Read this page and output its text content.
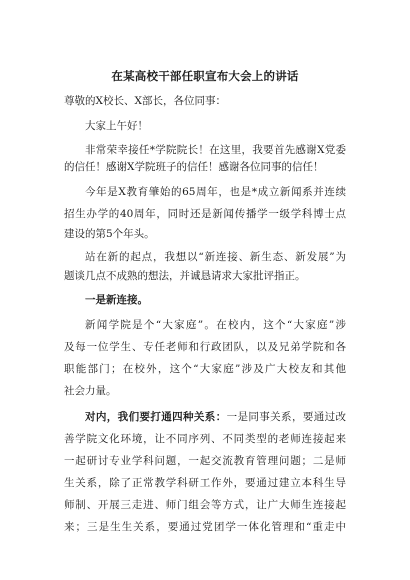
在某高校干部任职宣布大会上的讲话
尊敬的X校长、X部长，各位同事：
大家上午好！
非常荣幸接任*学院院长！在这里，我要首先感谢X党委
的信任！感谢X学院班子的信任！感谢各位同事的信任！
今年是X教育肇始的65周年，也是*成立新闻系并连续
招生办学的40周年，同时还是新闻传播学一级学科博士点
建设的第5个年头。
站在新的起点，我想以“新连接、新生态、新发展”为
题谈几点不成熟的想法，并诚恳请求大家批评指正。
一是新连接。
新闻学院是个“大家庭”。在校内，这个“大家庭”涉
及每一位学生、专任老师和行政团队，以及兄弟学院和各
职能部门；在校外，这个“大家庭”涉及广大校友和其他
社会力量。
对内，我们要打通四种关系：一是同事关系，要通过改
善学院文化环境，让不同序列、不同类型的老师连接起来
一起研讨专业学科问题，一起交流教育管理问题；二是师
生关系，除了正常教学科研工作外，要通过建立本科生导
师制、开展三走进、师门组会等方式，让广大师生连接起
来；三是生生关系，要通过党团学一体化管理和“重走中
